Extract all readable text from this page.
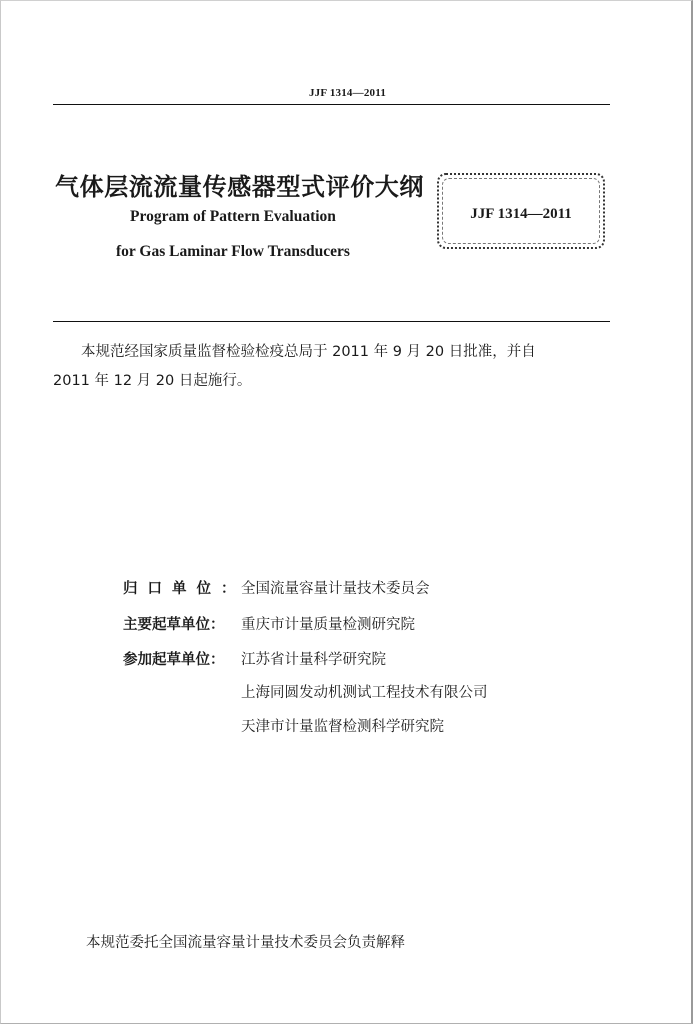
JJF 1314—2011
气体层流流量传感器型式评价大纲
Program of Pattern Evaluation
for Gas Laminar Flow Transducers
JJF 1314—2011
本规范经国家质量监督检验检疫总局于 2011 年 9 月 20 日批准，并自
2011 年 12 月 20 日起施行。
归口单位：
全国流量容量计量技术委员会
主要起草单位： 重庆市计量质量检测研究院
参加起草单位： 江苏省计量科学研究院
上海同圆发动机测试工程技术有限公司
天津市计量监督检测科学研究院
本规范委托全国流量容量计量技术委员会负责解释
